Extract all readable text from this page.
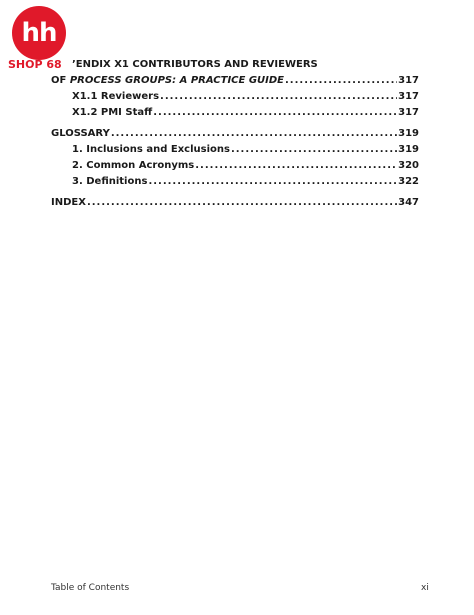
hh
SHOP 68	’ENDIX X1 CONTRIBUTORS AND REVIEWERS
OF PROCESS GROUPS: A PRACTICE GUIDE .....	317
X1.1 Reviewers .....	317
X1.2 PMI Staff .....	317
GLOSSARY .....	319
1. Inclusions and Exclusions .....	319
2. Common Acronyms .....	320
3. Definitions .....	322
INDEX .....	347
Table of Contents	xi
